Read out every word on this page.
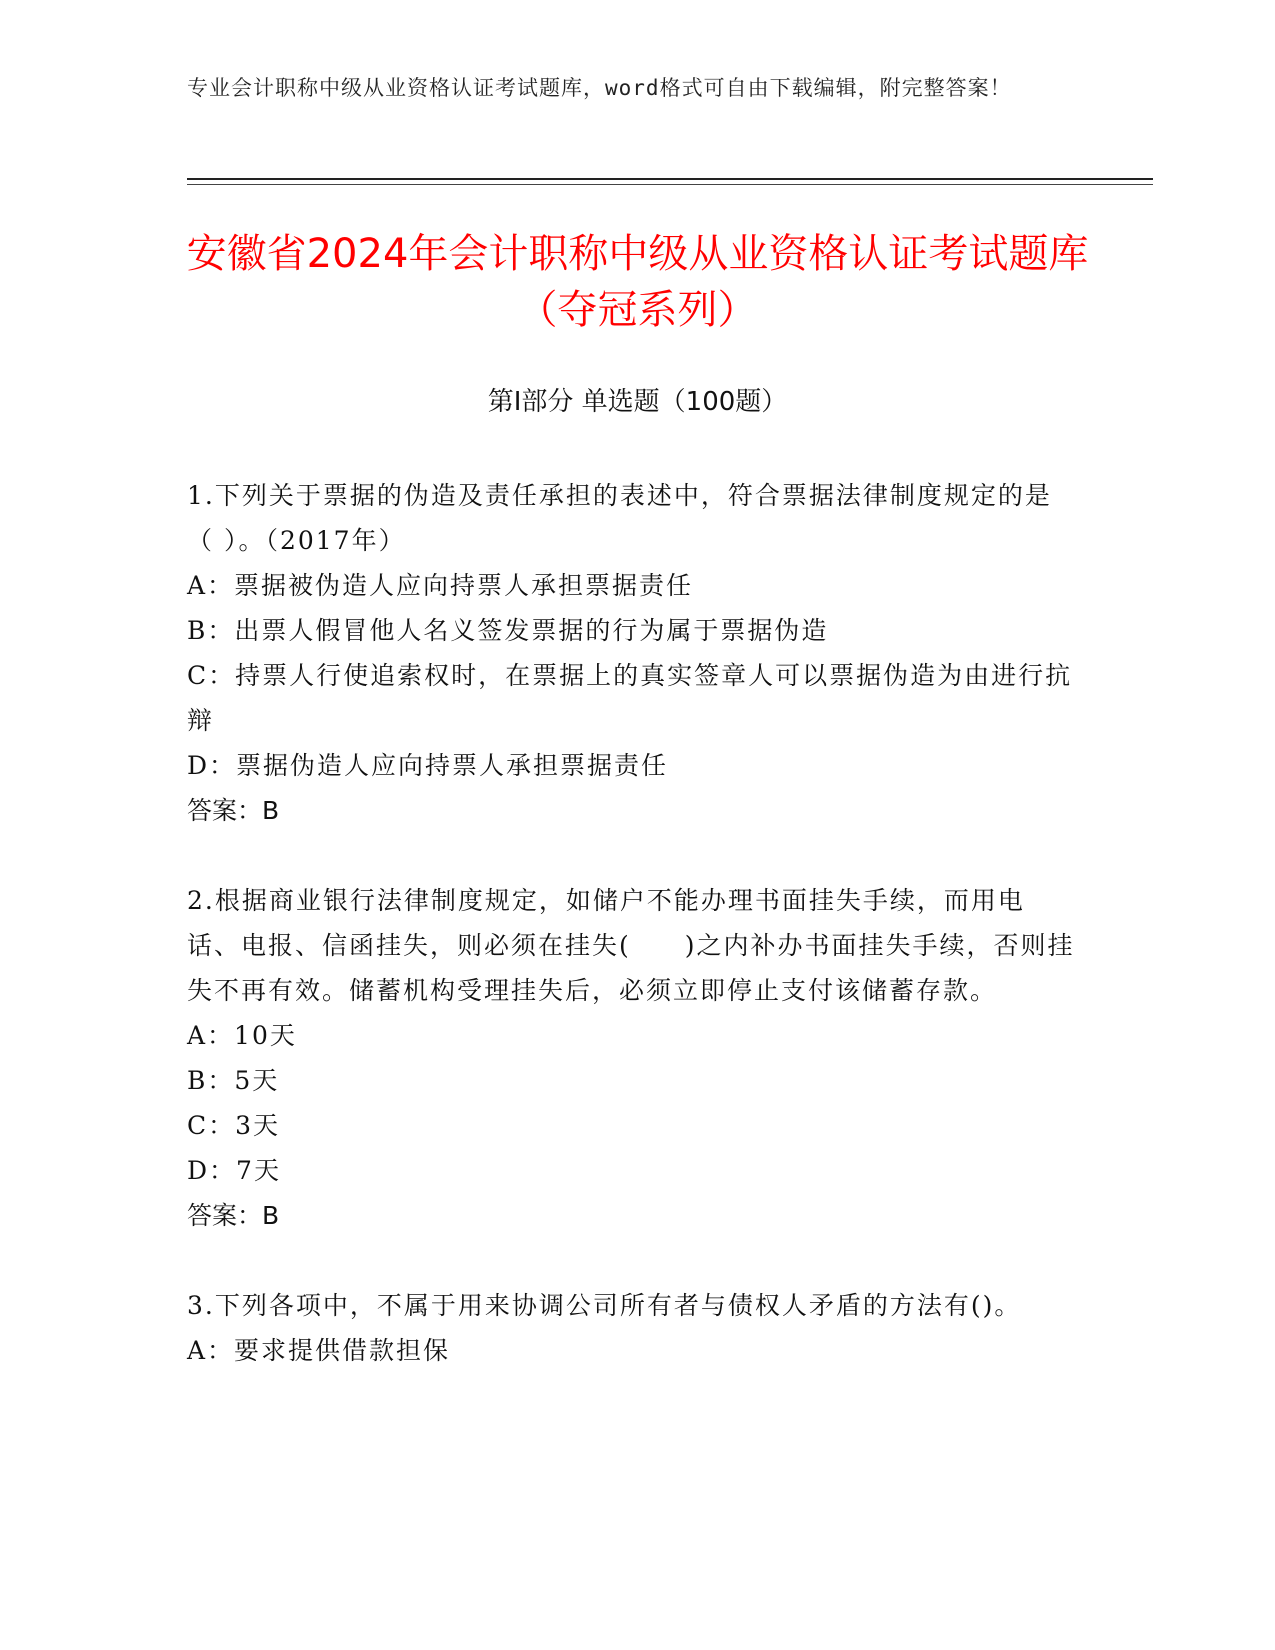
专业会计职称中级从业资格认证考试题库，word格式可自由下载编辑，附完整答案！

安徽省2024年会计职称中级从业资格认证考试题库（夺冠系列）
第I部分 单选题（100题）

1.下列关于票据的伪造及责任承担的表述中，符合票据法律制度规定的是（ ）。（2017年）

A：票据被伪造人应向持票人承担票据责任

B：出票人假冒他人名义签发票据的行为属于票据伪造

C：持票人行使追索权时，在票据上的真实签章人可以票据伪造为由进行抗辩

D：票据伪造人应向持票人承担票据责任

答案：B

2.根据商业银行法律制度规定，如储户不能办理书面挂失手续，而用电话、电报、信函挂失，则必须在挂失(　　)之内补办书面挂失手续，否则挂失不再有效。储蓄机构受理挂失后，必须立即停止支付该储蓄存款。

A：10天

B：5天

C：3天

D：7天

答案：B

3.下列各项中，不属于用来协调公司所有者与债权人矛盾的方法有()。

A：要求提供借款担保
